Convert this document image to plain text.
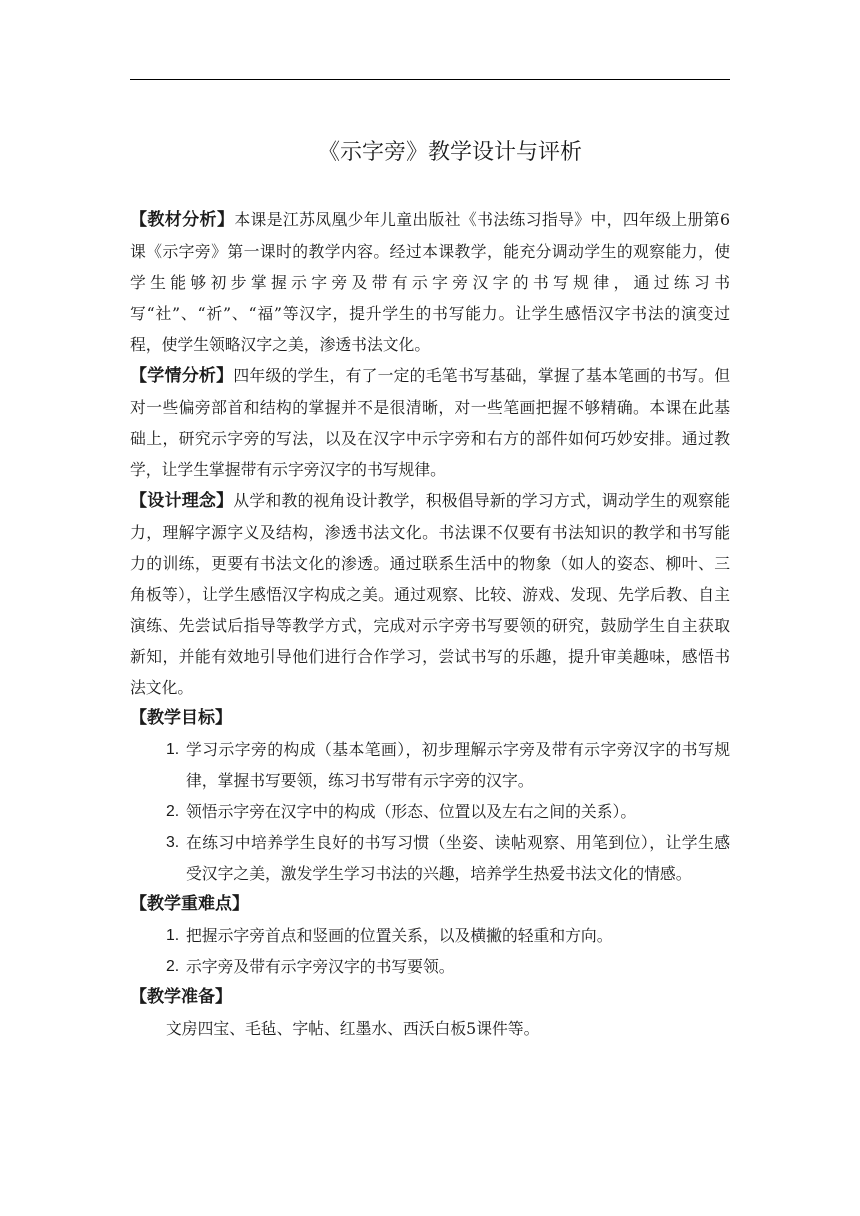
《示字旁》教学设计与评析

【教材分析】本课是江苏凤凰少年儿童出版社《书法练习指导》中，四年级上册第6课《示字旁》第一课时的教学内容。经过本课教学，能充分调动学生的观察能力，使学生能够初步掌握示字旁及带有示字旁汉字的书写规律，通过练习书写“社”、“祈”、“福”等汉字，提升学生的书写能力。让学生感悟汉字书法的演变过程，使学生领略汉字之美，渗透书法文化。

【学情分析】四年级的学生，有了一定的毛笔书写基础，掌握了基本笔画的书写。但对一些偏旁部首和结构的掌握并不是很清晰，对一些笔画把握不够精确。本课在此基础上，研究示字旁的写法，以及在汉字中示字旁和右方的部件如何巧妙安排。通过教学，让学生掌握带有示字旁汉字的书写规律。

【设计理念】从学和教的视角设计教学，积极倡导新的学习方式，调动学生的观察能力，理解字源字义及结构，渗透书法文化。书法课不仅要有书法知识的教学和书写能力的训练，更要有书法文化的渗透。通过联系生活中的物象（如人的姿态、柳叶、三角板等），让学生感悟汉字构成之美。通过观察、比较、游戏、发现、先学后教、自主演练、先尝试后指导等教学方式，完成对示字旁书写要领的研究，鼓励学生自主获取新知，并能有效地引导他们进行合作学习，尝试书写的乐趣，提升审美趣味，感悟书法文化。

【教学目标】

1. 学习示字旁的构成（基本笔画），初步理解示字旁及带有示字旁汉字的书写规律，掌握书写要领，练习书写带有示字旁的汉字。
2. 领悟示字旁在汉字中的构成（形态、位置以及左右之间的关系）。
3. 在练习中培养学生良好的书写习惯（坐姿、读帖观察、用笔到位），让学生感受汉字之美，激发学生学习书法的兴趣，培养学生热爱书法文化的情感。

【教学重难点】

1. 把握示字旁首点和竖画的位置关系，以及横撇的轻重和方向。
2. 示字旁及带有示字旁汉字的书写要领。

【教学准备】

文房四宝、毛毡、字帖、红墨水、西沃白板5课件等。
